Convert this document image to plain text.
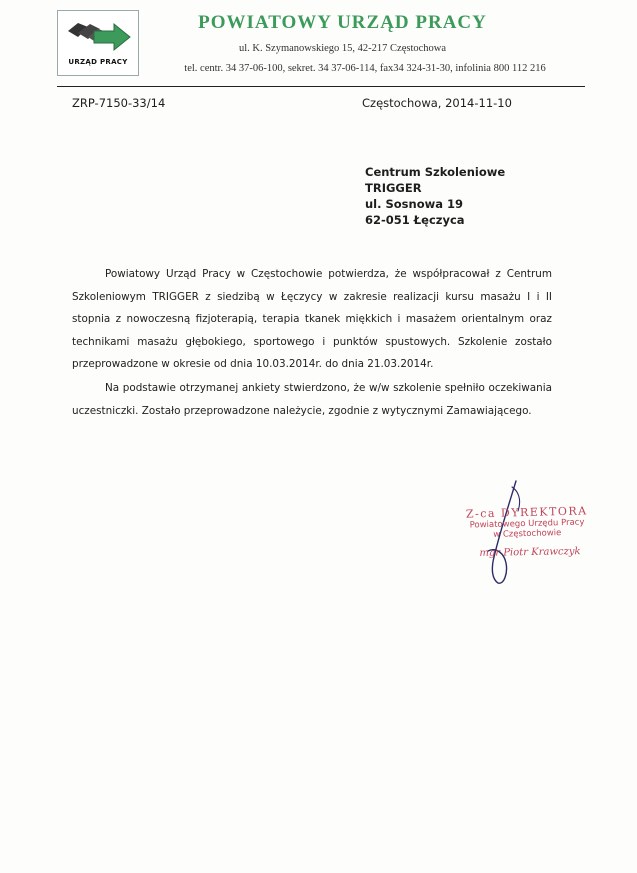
URZĄD PRACY
POWIATOWY URZĄD PRACY
ul. K. Szymanowskiego 15, 42-217 Częstochowa
tel. centr. 34 37-06-100, sekret. 34 37-06-114, fax34 324-31-30, infolinia 800 112 216
ZRP-7150-33/14	Częstochowa, 2014-11-10
Centrum Szkoleniowe
TRIGGER
ul. Sosnowa 19
62-051 Łęczyca

Powiatowy Urząd Pracy w Częstochowie potwierdza, że współpracował z Centrum Szkoleniowym TRIGGER z siedzibą w Łęczycy w zakresie realizacji kursu masażu I i II stopnia z nowoczesną fizjoterapią, terapia tkanek miękkich i masażem orientalnym oraz technikami masażu głębokiego, sportowego i punktów spustowych. Szkolenie zostało przeprowadzone w okresie od dnia 10.03.2014r. do dnia 21.03.2014r.

Na podstawie otrzymanej ankiety stwierdzono, że w/w szkolenie spełniło oczekiwania uczestniczki. Zostało przeprowadzone należycie, zgodnie z wytycznymi Zamawiającego.

Z-ca DYREKTORA
Powiatowego Urzędu Pracy
w Częstochowie
mgr Piotr Krawczyk
